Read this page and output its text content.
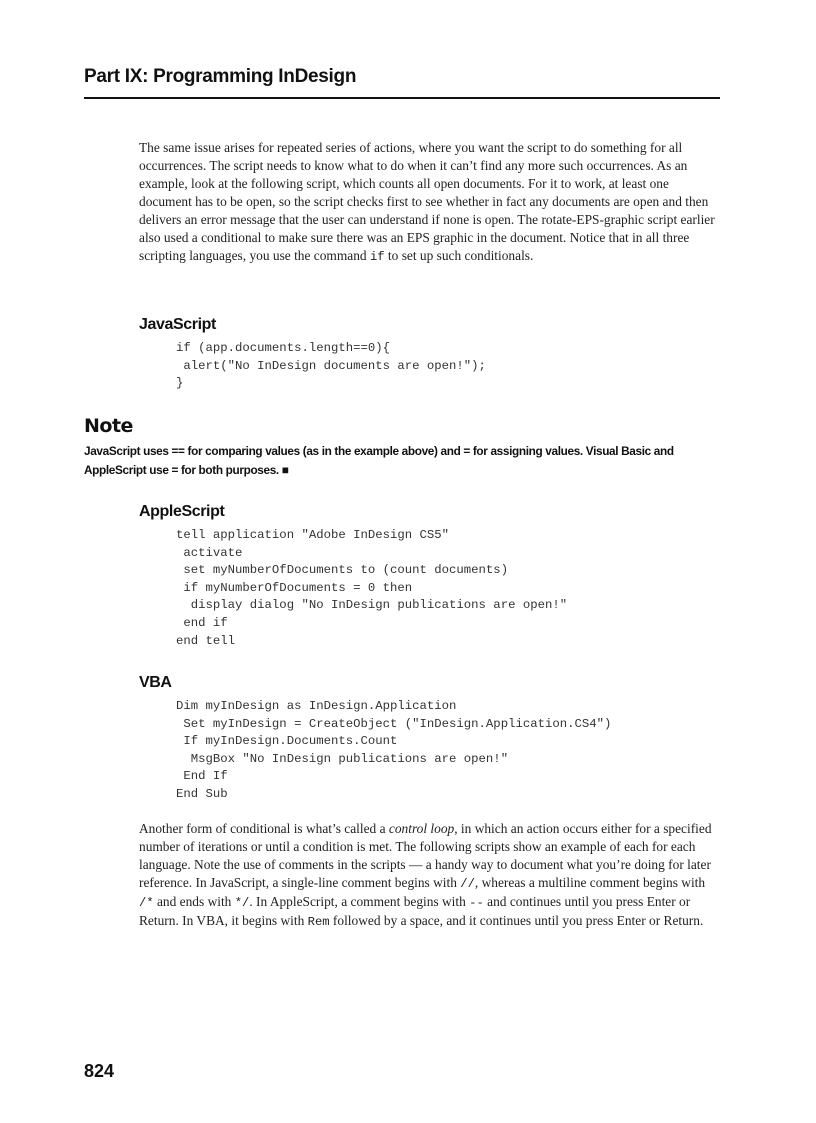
Part IX: Programming InDesign

The same issue arises for repeated series of actions, where you want the script to do something for all occurrences. The script needs to know what to do when it can’t find any more such occurrences. As an example, look at the following script, which counts all open documents. For it to work, at least one document has to be open, so the script checks first to see whether in fact any documents are open and then delivers an error message that the user can understand if none is open. The rotate-EPS-graphic script earlier also used a conditional to make sure there was an EPS graphic in the document. Notice that in all three scripting languages, you use the command if to set up such conditionals.

JavaScript
if (app.documents.length==0){
alert("No InDesign documents are open!");
}
Note

JavaScript uses == for comparing values (as in the example above) and = for assigning values. Visual Basic and AppleScript use = for both purposes. ■

AppleScript
tell application "Adobe InDesign CS5"
activate
set myNumberOfDocuments to (count documents)
if myNumberOfDocuments = 0 then
display dialog "No InDesign publications are open!"
end if
end tell
VBA
Dim myInDesign as InDesign.Application
Set myInDesign = CreateObject ("InDesign.Application.CS4")
If myInDesign.Documents.Count
MsgBox "No InDesign publications are open!"
End If
End Sub

Another form of conditional is what’s called a control loop, in which an action occurs either for a specified number of iterations or until a condition is met. The following scripts show an example of each for each language. Note the use of comments in the scripts — a handy way to document what you’re doing for later reference. In JavaScript, a single-line comment begins with //, whereas a multiline comment begins with /* and ends with */. In AppleScript, a comment begins with -- and continues until you press Enter or Return. In VBA, it begins with Rem followed by a space, and it continues until you press Enter or Return.

824
